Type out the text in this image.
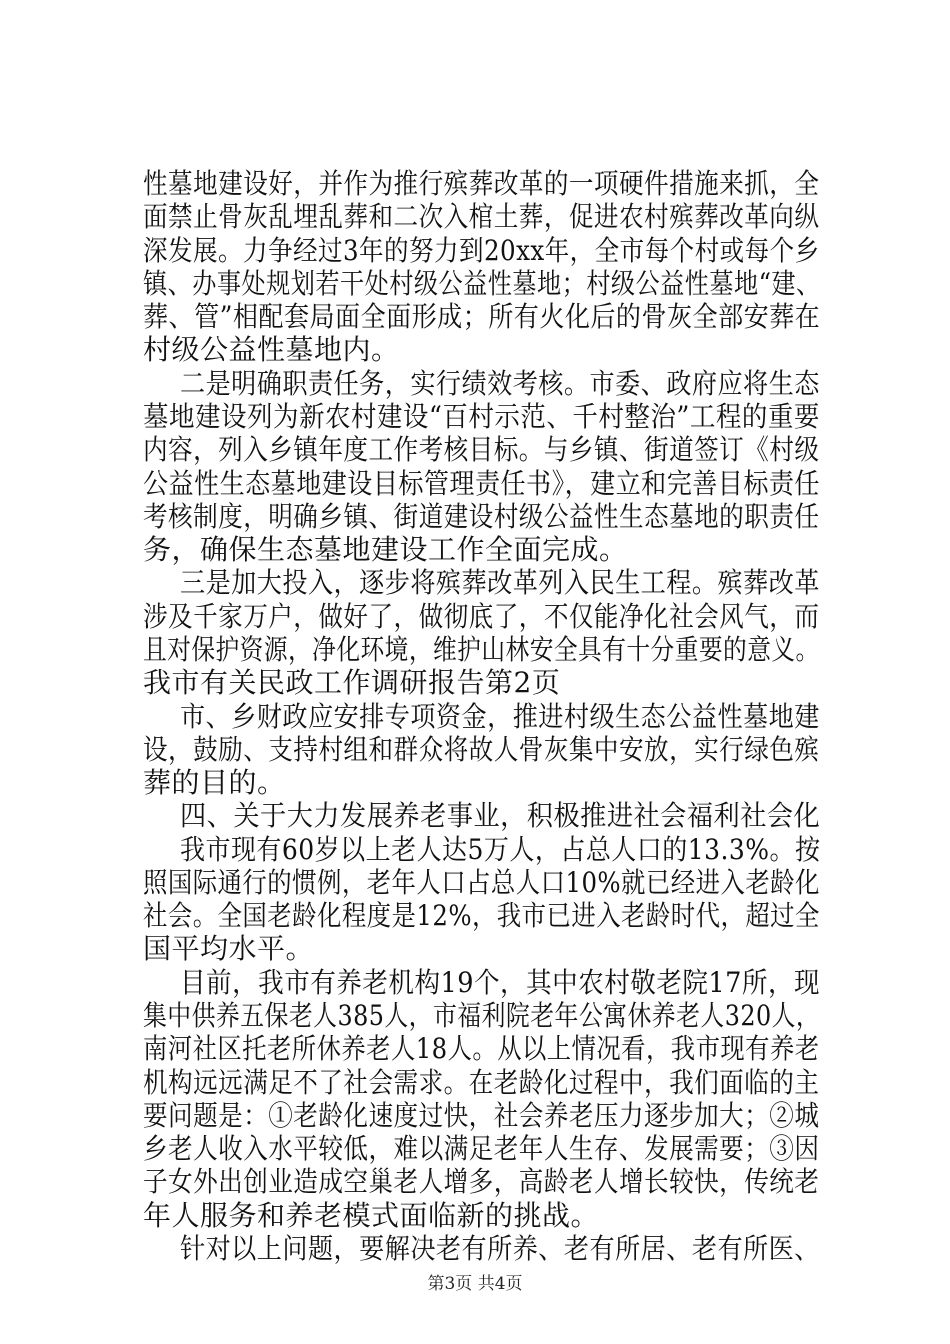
性墓地建设好，并作为推行殡葬改革的一项硬件措施来抓，全
面禁止骨灰乱埋乱葬和二次入棺土葬，促进农村殡葬改革向纵
深发展。力争经过3年的努力到20xx年，全市每个村或每个乡
镇、办事处规划若干处村级公益性墓地；村级公益性墓地“建、
葬、管”相配套局面全面形成；所有火化后的骨灰全部安葬在
村级公益性墓地内。
二是明确职责任务，实行绩效考核。市委、政府应将生态
墓地建设列为新农村建设“百村示范、千村整治”工程的重要
内容，列入乡镇年度工作考核目标。与乡镇、街道签订《村级
公益性生态墓地建设目标管理责任书》，建立和完善目标责任
考核制度，明确乡镇、街道建设村级公益性生态墓地的职责任
务，确保生态墓地建设工作全面完成。
三是加大投入，逐步将殡葬改革列入民生工程。殡葬改革
涉及千家万户，做好了，做彻底了，不仅能净化社会风气，而
且对保护资源，净化环境，维护山林安全具有十分重要的意义。
我市有关民政工作调研报告第2页
市、乡财政应安排专项资金，推进村级生态公益性墓地建
设，鼓励、支持村组和群众将故人骨灰集中安放，实行绿色殡
葬的目的。
四、关于大力发展养老事业，积极推进社会福利社会化
我市现有60岁以上老人达5万人，占总人口的13.3%。按
照国际通行的惯例，老年人口占总人口10%就已经进入老龄化
社会。全国老龄化程度是12%，我市已进入老龄时代，超过全
国平均水平。
目前，我市有养老机构19个，其中农村敬老院17所，现
集中供养五保老人385人，市福利院老年公寓休养老人320人，
南河社区托老所休养老人18人。从以上情况看，我市现有养老
机构远远满足不了社会需求。在老龄化过程中，我们面临的主
要问题是：①老龄化速度过快，社会养老压力逐步加大；②城
乡老人收入水平较低，难以满足老年人生存、发展需要；③因
子女外出创业造成空巢老人增多，高龄老人增长较快，传统老
年人服务和养老模式面临新的挑战。
针对以上问题，要解决老有所养、老有所居、老有所医、
第3页 共4页
